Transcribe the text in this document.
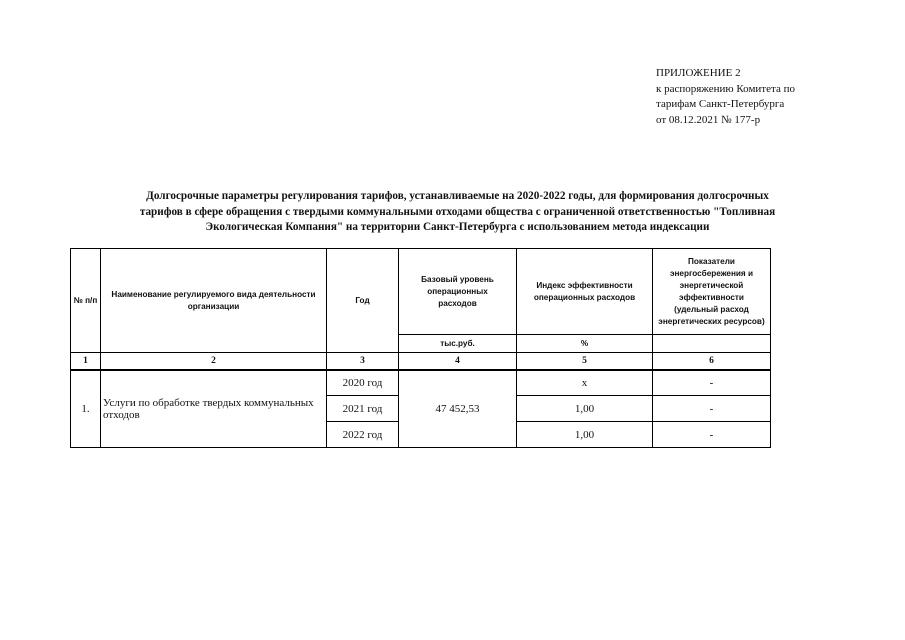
ПРИЛОЖЕНИЕ 2
к распоряжению Комитета по
тарифам Санкт-Петербурга
от 08.12.2021 № 177-р
Долгосрочные параметры регулирования тарифов, устанавливаемые на 2020-2022 годы, для формирования долгосрочных
тарифов в сфере обращения с твердыми коммунальными отходами общества с ограниченной ответственностью "Топливная
Экологическая Компания" на территории Санкт-Петербурга с использованием метода индексации
№ п/п	Наименование регулируемого вида деятельности организации	Год	Базовый уровень операционных расходов	Индекс эффективности операционных расходов	Показатели энергосбережения и энергетической эффективности (удельный расход энергетических ресурсов)
			тыс.руб.	%	
1	2	3	4	5	6
1.	Услуги по обработке твердых коммунальных отходов	2020 год	47 452,53	х	-
		2021 год		1,00	-
		2022 год		1,00	-
